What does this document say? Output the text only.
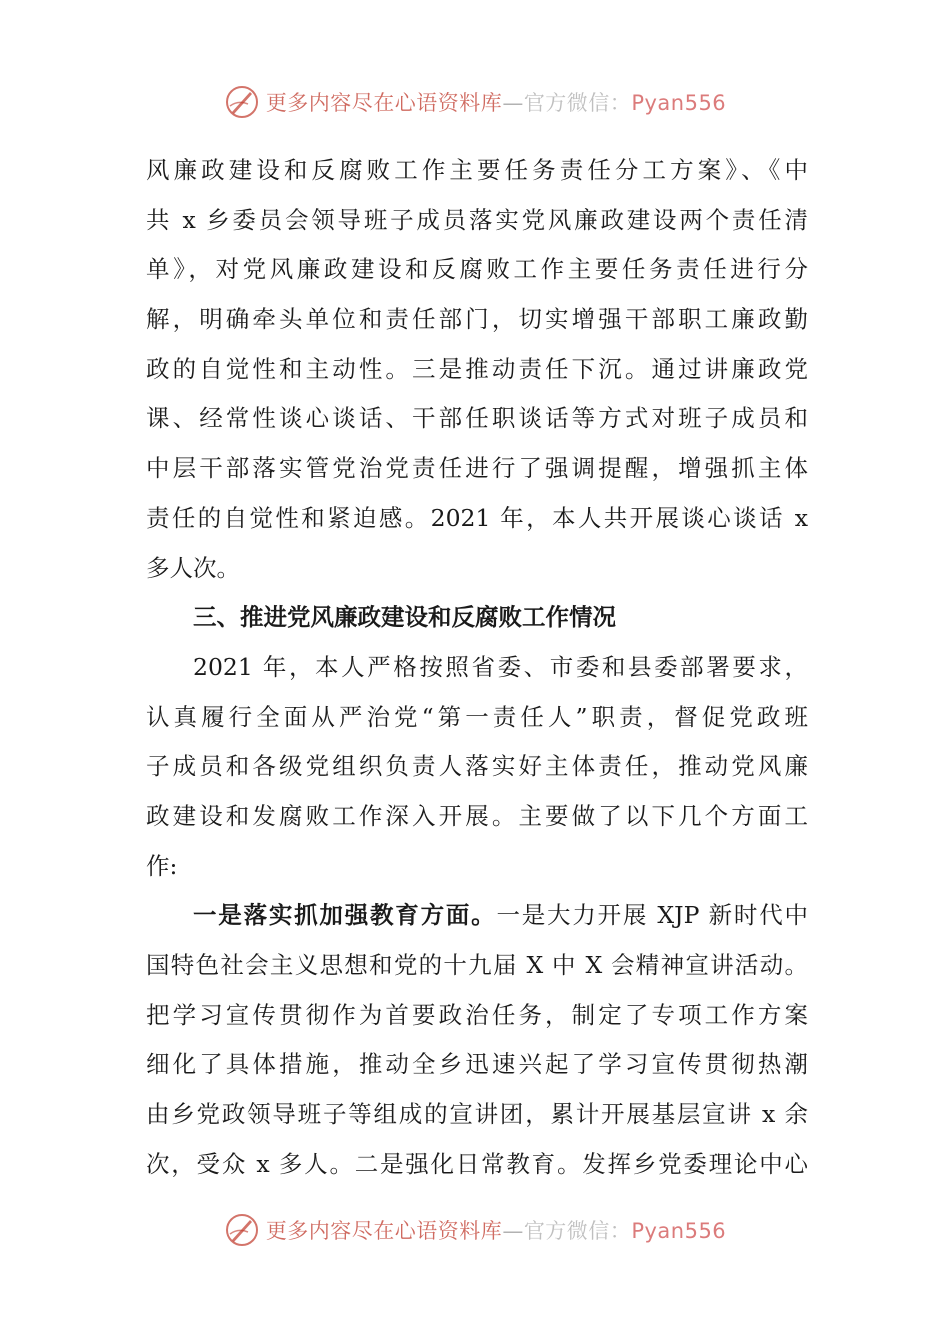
更多内容尽在心语资料库—官方微信：Pyan556
风廉政建设和反腐败工作主要任务责任分工方案》、《中
共 x 乡委员会领导班子成员落实党风廉政建设两个责任清
单》，对党风廉政建设和反腐败工作主要任务责任进行分
解，明确牵头单位和责任部门，切实增强干部职工廉政勤
政的自觉性和主动性。三是推动责任下沉。通过讲廉政党
课、经常性谈心谈话、干部任职谈话等方式对班子成员和
中层干部落实管党治党责任进行了强调提醒，增强抓主体
责任的自觉性和紧迫感。2021 年，本人共开展谈心谈话 x
多人次。
三、推进党风廉政建设和反腐败工作情况
2021 年，本人严格按照省委、市委和县委部署要求，
认真履行全面从严治党“第一责任人”职责，督促党政班
子成员和各级党组织负责人落实好主体责任，推动党风廉
政建设和发腐败工作深入开展。主要做了以下几个方面工
作:
一是落实抓加强教育方面。一是大力开展 XJP 新时代中
国特色社会主义思想和党的十九届 X 中 X 会精神宣讲活动。
把学习宣传贯彻作为首要政治任务，制定了专项工作方案
细化了具体措施，推动全乡迅速兴起了学习宣传贯彻热潮
由乡党政领导班子等组成的宣讲团，累计开展基层宣讲 x 余
次，受众 x 多人。二是强化日常教育。发挥乡党委理论中心
更多内容尽在心语资料库—官方微信：Pyan556
